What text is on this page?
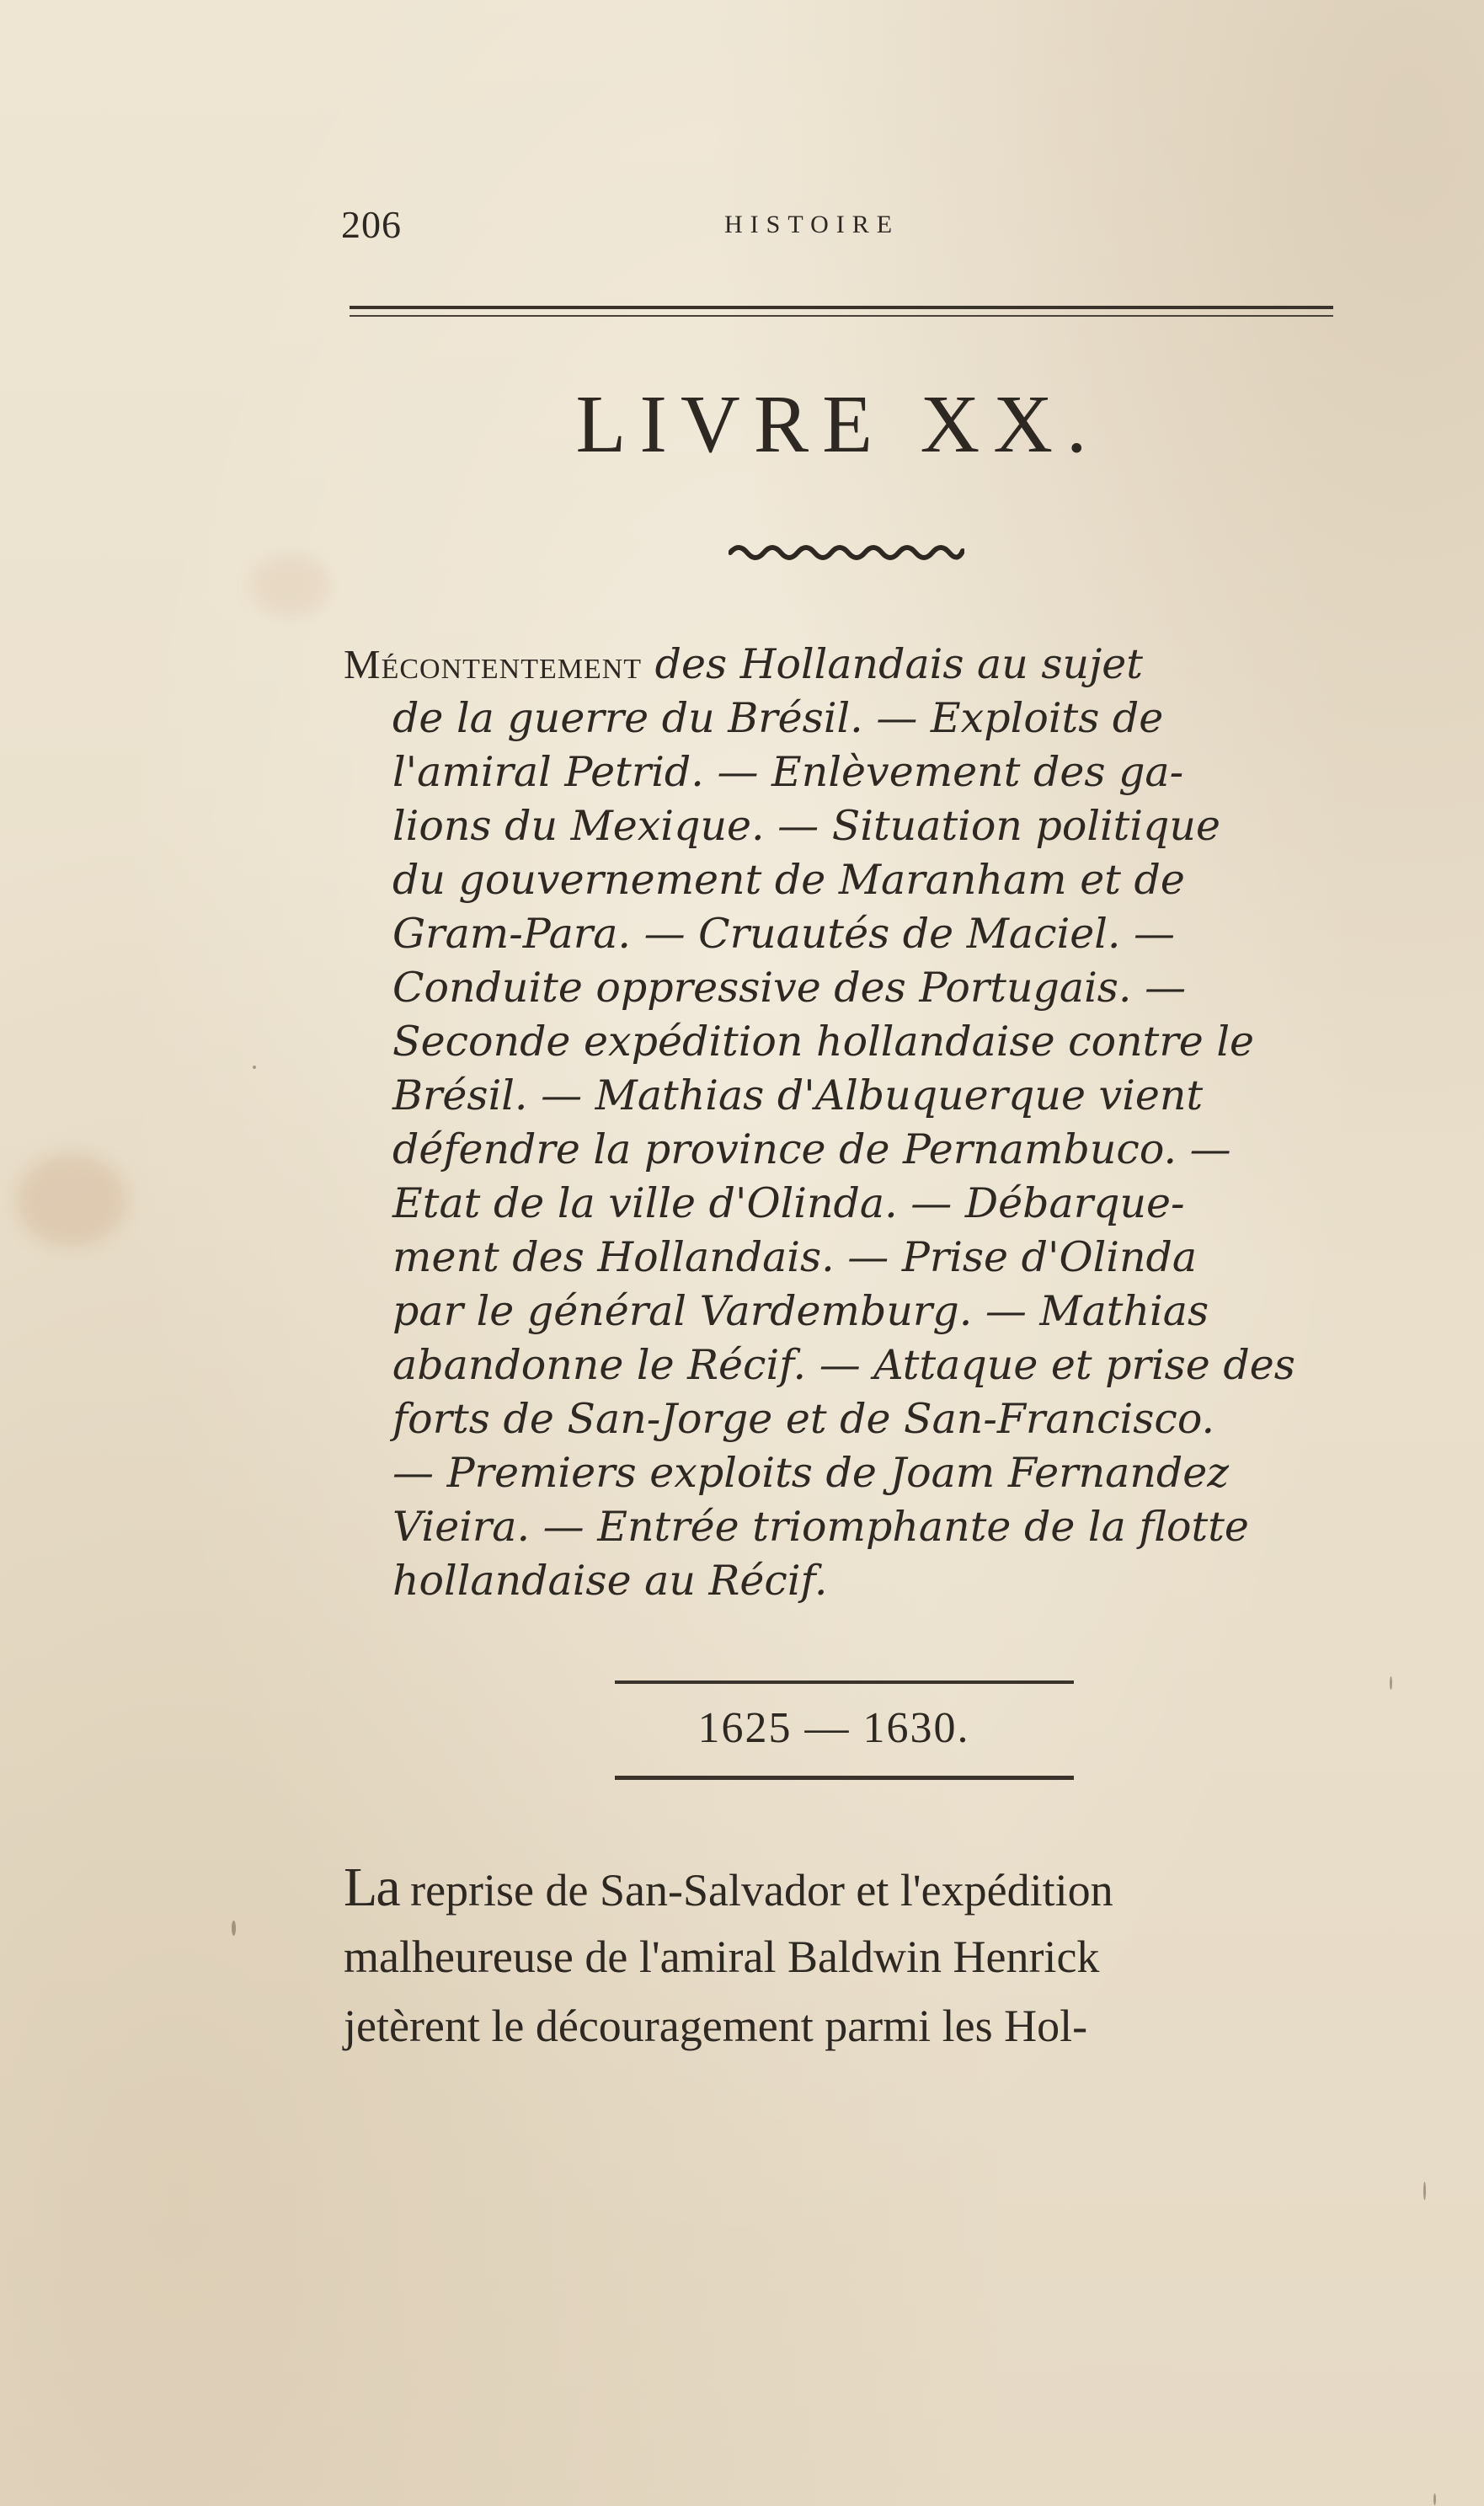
206	HISTOIRE
LIVRE XX.
Mécontentement des Hollandais au sujet
de la guerre du Brésil. — Exploits de
l'amiral Petrid. — Enlèvement des ga-
lions du Mexique. — Situation politique
du gouvernement de Maranham et de
Gram-Para. — Cruautés de Maciel. —
Conduite oppressive des Portugais. —
Seconde expédition hollandaise contre le
Brésil. — Mathias d'Albuquerque vient
défendre la province de Pernambuco. —
Etat de la ville d'Olinda. — Débarque-
ment des Hollandais. — Prise d'Olinda
par le général Vardemburg. — Mathias
abandonne le Récif. — Attaque et prise des
forts de San-Jorge et de San-Francisco.
— Premiers exploits de Joam Fernandez
Vieira. — Entrée triomphante de la flotte
hollandaise au Récif.
1625 — 1630.
La reprise de San-Salvador et l'expédition
malheureuse de l'amiral Baldwin Henrick
jetèrent le découragement parmi les Hol-
